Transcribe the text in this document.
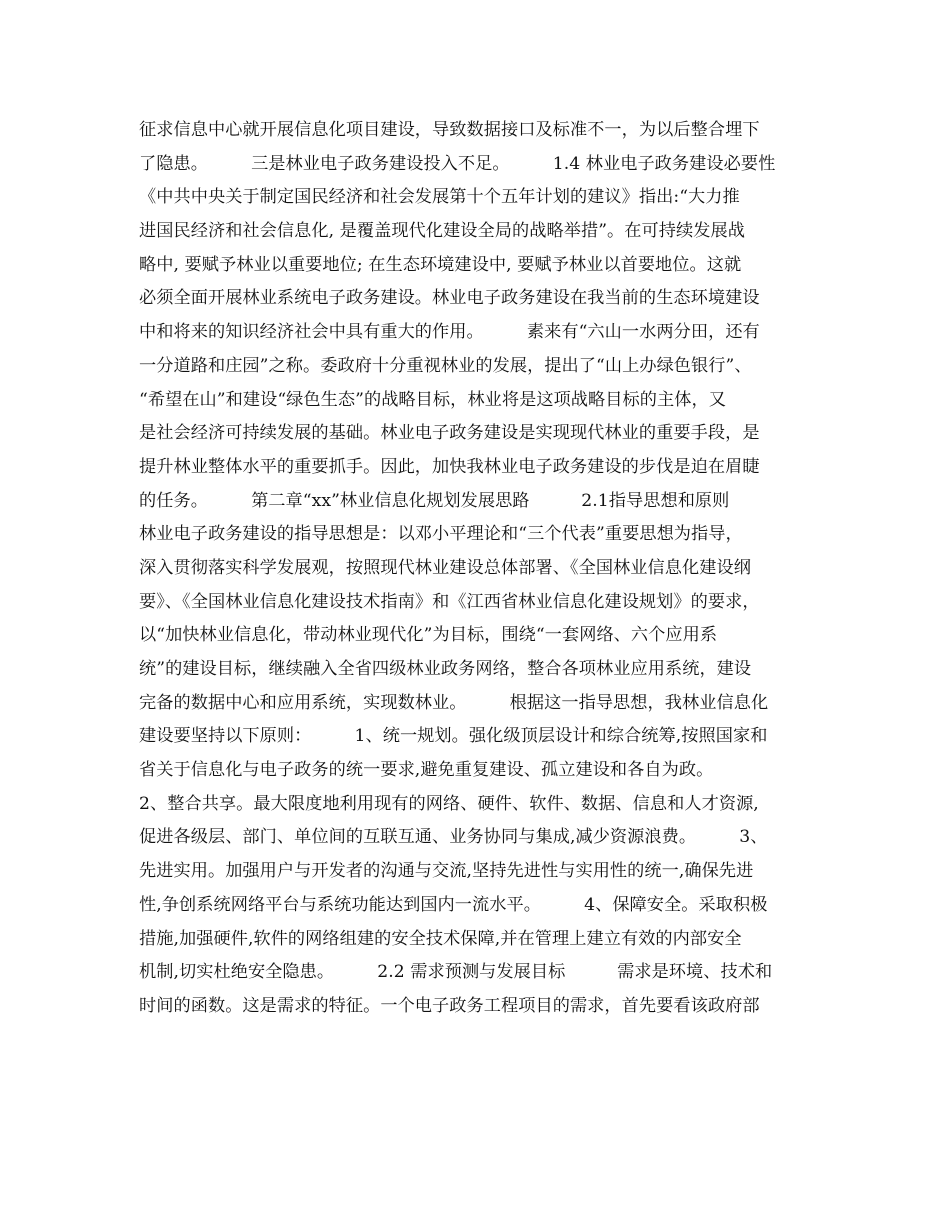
征求信息中心就开展信息化项目建设，导致数据接口及标准不一，为以后整合埋下
了隐患。　　　三是林业电子政务建设投入不足。　　　1.4 林业电子政务建设必要性
《中共中央关于制定国民经济和社会发展第十个五年计划的建议》指出:“大力推
进国民经济和社会信息化, 是覆盖现代化建设全局的战略举措”。在可持续发展战
略中, 要赋予林业以重要地位; 在生态环境建设中, 要赋予林业以首要地位。这就
必须全面开展林业系统电子政务建设。林业电子政务建设在我当前的生态环境建设
中和将来的知识经济社会中具有重大的作用。　　　素来有“六山一水两分田，还有
一分道路和庄园”之称。委政府十分重视林业的发展，提出了“山上办绿色银行”、
“希望在山”和建设“绿色生态”的战略目标，林业将是这项战略目标的主体，又
是社会经济可持续发展的基础。林业电子政务建设是实现现代林业的重要手段，是
提升林业整体水平的重要抓手。因此，加快我林业电子政务建设的步伐是迫在眉睫
的任务。　　　第二章“xx”林业信息化规划发展思路　　　2.1指导思想和原则
林业电子政务建设的指导思想是：以邓小平理论和“三个代表”重要思想为指导，
深入贯彻落实科学发展观，按照现代林业建设总体部署、《全国林业信息化建设纲
要》、《全国林业信息化建设技术指南》和《江西省林业信息化建设规划》的要求，
以“加快林业信息化，带动林业现代化”为目标，围绕“一套网络、六个应用系
统”的建设目标，继续融入全省四级林业政务网络，整合各项林业应用系统，建设
完备的数据中心和应用系统，实现数林业。　　　根据这一指导思想，我林业信息化
建设要坚持以下原则：　　　1、统一规划。强化级顶层设计和综合统筹,按照国家和
省关于信息化与电子政务的统一要求,避免重复建设、孤立建设和各自为政。
2、整合共享。最大限度地利用现有的网络、硬件、软件、数据、信息和人才资源,
促进各级层、部门、单位间的互联互通、业务协同与集成,减少资源浪费。　　　3、
先进实用。加强用户与开发者的沟通与交流,坚持先进性与实用性的统一,确保先进
性,争创系统网络平台与系统功能达到国内一流水平。　　　4、保障安全。采取积极
措施,加强硬件,软件的网络组建的安全技术保障,并在管理上建立有效的内部安全
机制,切实杜绝安全隐患。　　　2.2 需求预测与发展目标　　　需求是环境、技术和
时间的函数。这是需求的特征。一个电子政务工程项目的需求，首先要看该政府部
